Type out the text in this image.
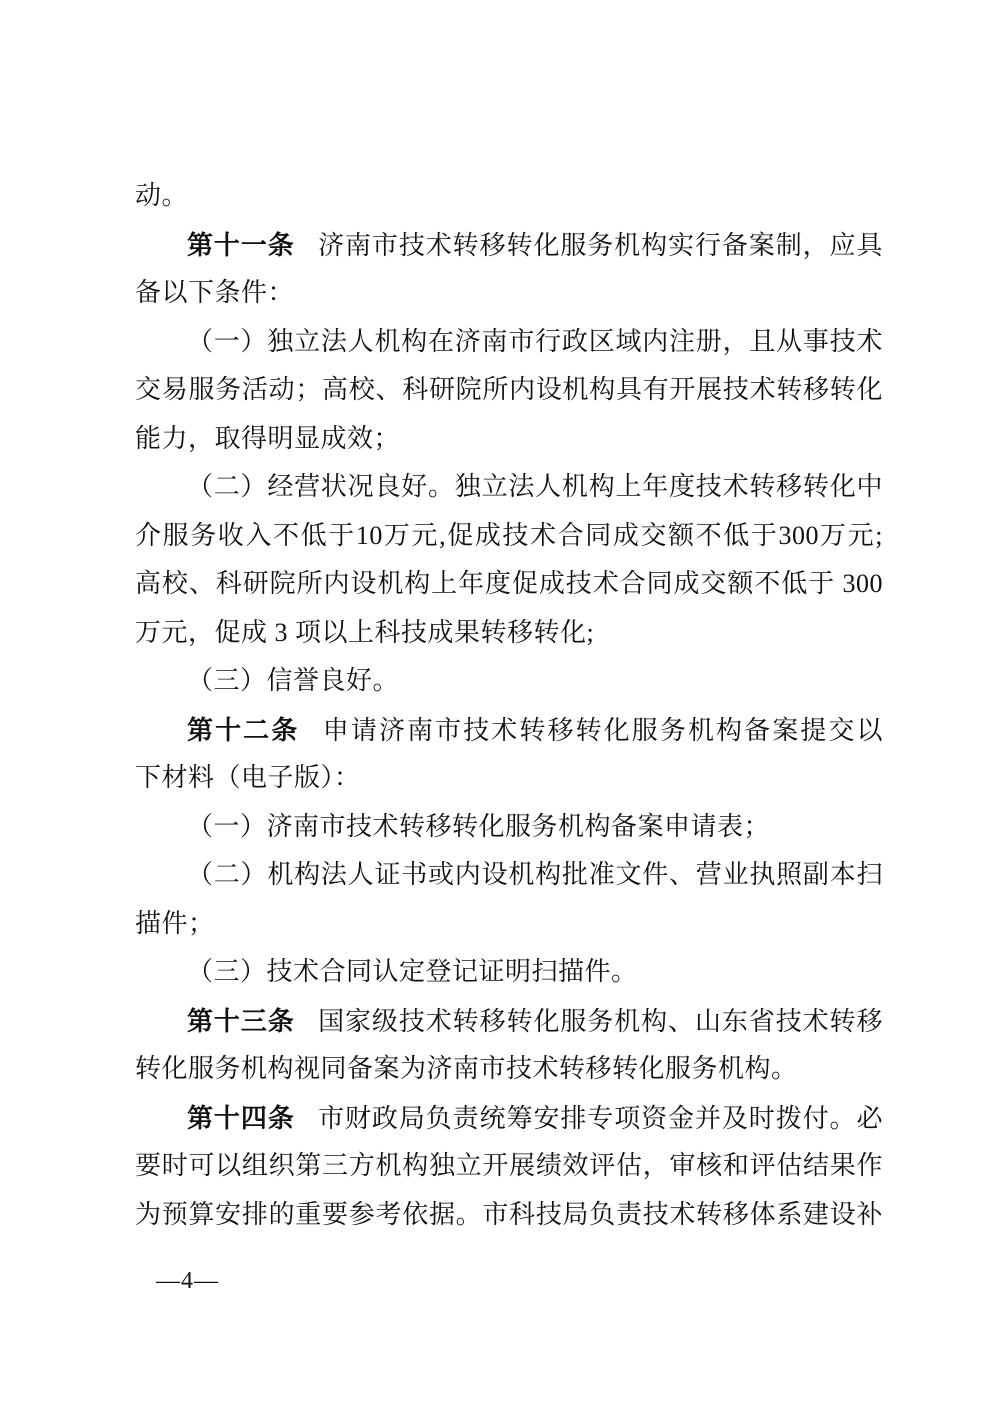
动。
第十一条 济南市技术转移转化服务机构实行备案制，应具
备以下条件：
（一）独立法人机构在济南市行政区域内注册，且从事技术
交易服务活动；高校、科研院所内设机构具有开展技术转移转化
能力，取得明显成效；
（二）经营状况良好。独立法人机构上年度技术转移转化中
介服务收入不低于10万元,促成技术合同成交额不低于300万元;
高校、科研院所内设机构上年度促成技术合同成交额不低于 300
万元，促成 3 项以上科技成果转移转化;
（三）信誉良好。
第十二条 申请济南市技术转移转化服务机构备案提交以
下材料（电子版）：
（一）济南市技术转移转化服务机构备案申请表；
（二）机构法人证书或内设机构批准文件、营业执照副本扫
描件；
（三）技术合同认定登记证明扫描件。
第十三条 国家级技术转移转化服务机构、山东省技术转移
转化服务机构视同备案为济南市技术转移转化服务机构。
第十四条 市财政局负责统筹安排专项资金并及时拨付。必
要时可以组织第三方机构独立开展绩效评估，审核和评估结果作
为预算安排的重要参考依据。市科技局负责技术转移体系建设补
—4—
